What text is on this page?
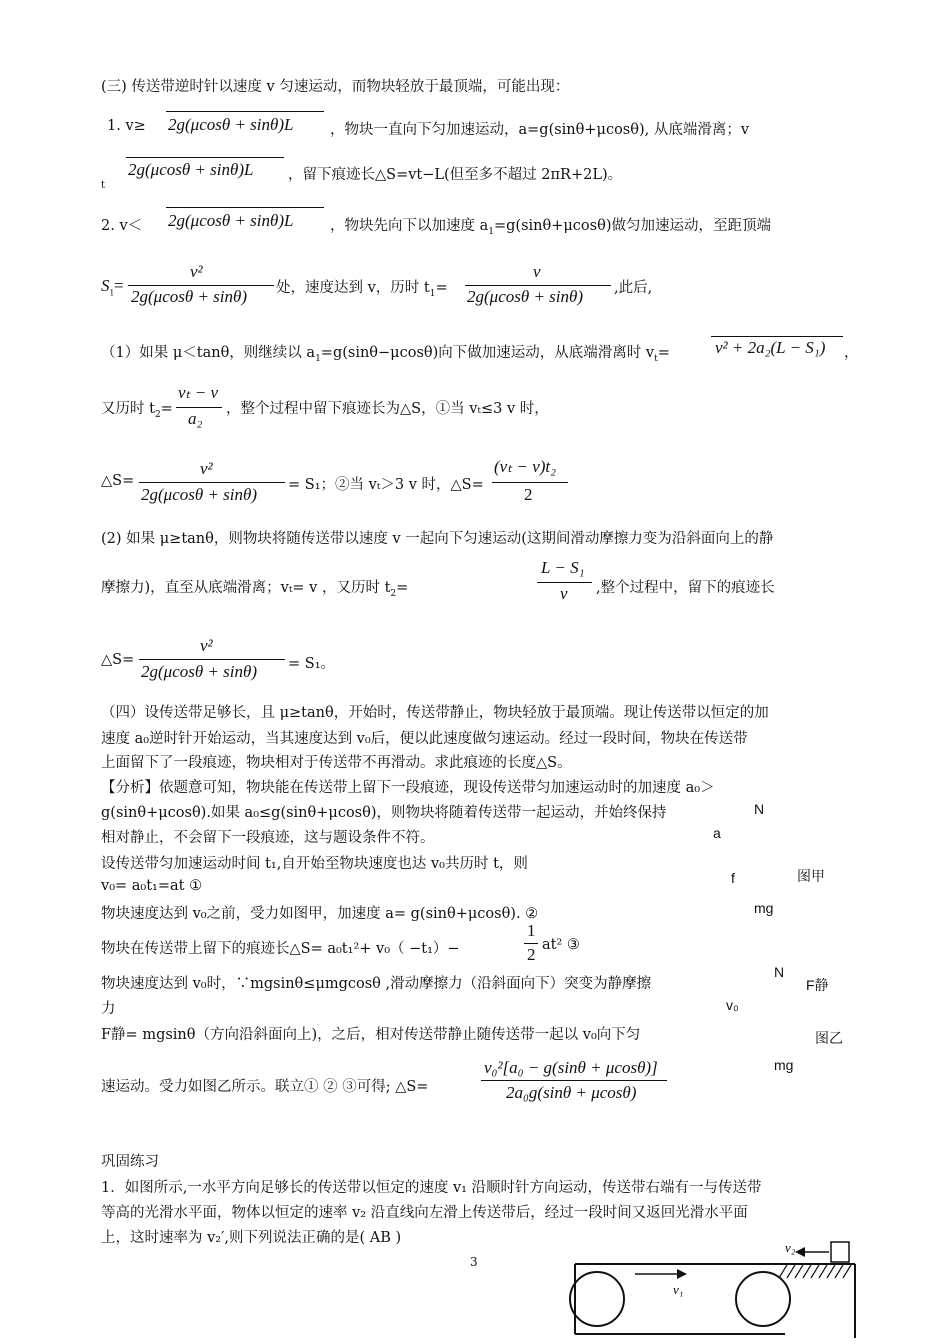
(三) 传送带逆时针以速度 v 匀速运动，而物块轻放于最顶端，可能出现：
1. v≥ 2g(μcosθ + sinθ)L	，物块一直向下匀加速运动，a=g(sinθ+μcosθ), 从底端滑离；v
t
2g(μcosθ + sinθ)L ，留下痕迹长△S=vt−L(但至多不超过 2πR+2L)。
2. v＜ 2g(μcosθ + sinθ)L	，物块先向下以加速度 $a_1=g(\sin\theta+\mu\cos\theta)$做匀加速运动，至距顶端
$S_1=$
v²
2g(μcosθ + sinθ) 处，速度达到 v，历时 $t_1=$
v
2g(μcosθ + sinθ) ,此后,
（1）如果 μ＜tanθ，则继续以 $a_1=g(\sin\theta-\mu\cos\theta)$向下做加速运动，从底端滑离时 $v_t=$	v² + 2a₂(L − S₁) ，
又历时 $t_2=$
vₜ − v
a₂ ，整个过程中留下痕迹长为△S，①当 vₜ≤3 v 时，
△S=
v²
2g(μcosθ + sinθ) = S₁；②当 vₜ＞3 v 时，△S=
(vₜ − v)t₂
2
(2) 如果 μ≥tanθ，则物块将随传送带以速度 v 一起向下匀速运动(这期间滑动摩擦力变为沿斜面向上的静
摩擦力)，直至从底端滑离；vₜ= v ，又历时 $t_2=$
L − S₁
v ,整个过程中，留下的痕迹长
△S=
v²
2g(μcosθ + sinθ) = S₁。
（四）设传送带足够长，且 μ≥tanθ，开始时，传送带静止，物块轻放于最顶端。现让传送带以恒定的加
速度 a₀逆时针开始运动，当其速度达到 v₀后，便以此速度做匀速运动。经过一段时间，物块在传送带
上面留下了一段痕迹，物块相对于传送带不再滑动。求此痕迹的长度△S。
【分析】依题意可知，物块能在传送带上留下一段痕迹，现设传送带匀加速运动时的加速度 a₀＞
g(sinθ+μcosθ).如果 a₀≤g(sinθ+μcosθ)，则物块将随着传送带一起运动，并始终保持
相对静止，不会留下一段痕迹，这与题设条件不符。
设传送带匀加速运动时间 t₁,自开始至物块速度也达 v₀共历时 t，则
v₀= a₀t₁=at ①
物块速度达到 v₀之前，受力如图甲，加速度 a= g(sinθ+μcosθ). ②
物块在传送带上留下的痕迹长△S= a₀t₁²+ v₀（ −t₁）−
1
2 at² ③
物块速度达到 v₀时，∵mgsinθ≤μmgcosθ ,滑动摩擦力（沿斜面向下）突变为静摩擦
力
F静= mgsinθ（方向沿斜面向上)，之后，相对传送带静止随传送带一起以 v₀向下匀
速运动。受力如图乙所示。联立① ② ③可得; △S=
v₀²[a₀ − g(sinθ + μcosθ)]
2a₀g(sinθ + μcosθ)
N
a
f	图甲
mg
N
F静
v₀
图乙
mg
巩固练习
1．如图所示,一水平方向足够长的传送带以恒定的速度 v₁ 沿顺时针方向运动，传送带右端有一与传送带
等高的光滑水平面，物体以恒定的速率 v₂ 沿直线向左滑上传送带后，经过一段时间又返回光滑水平面
上，这时速率为 v₂′,则下列说法正确的是( AB )
3
v₁
v₂
